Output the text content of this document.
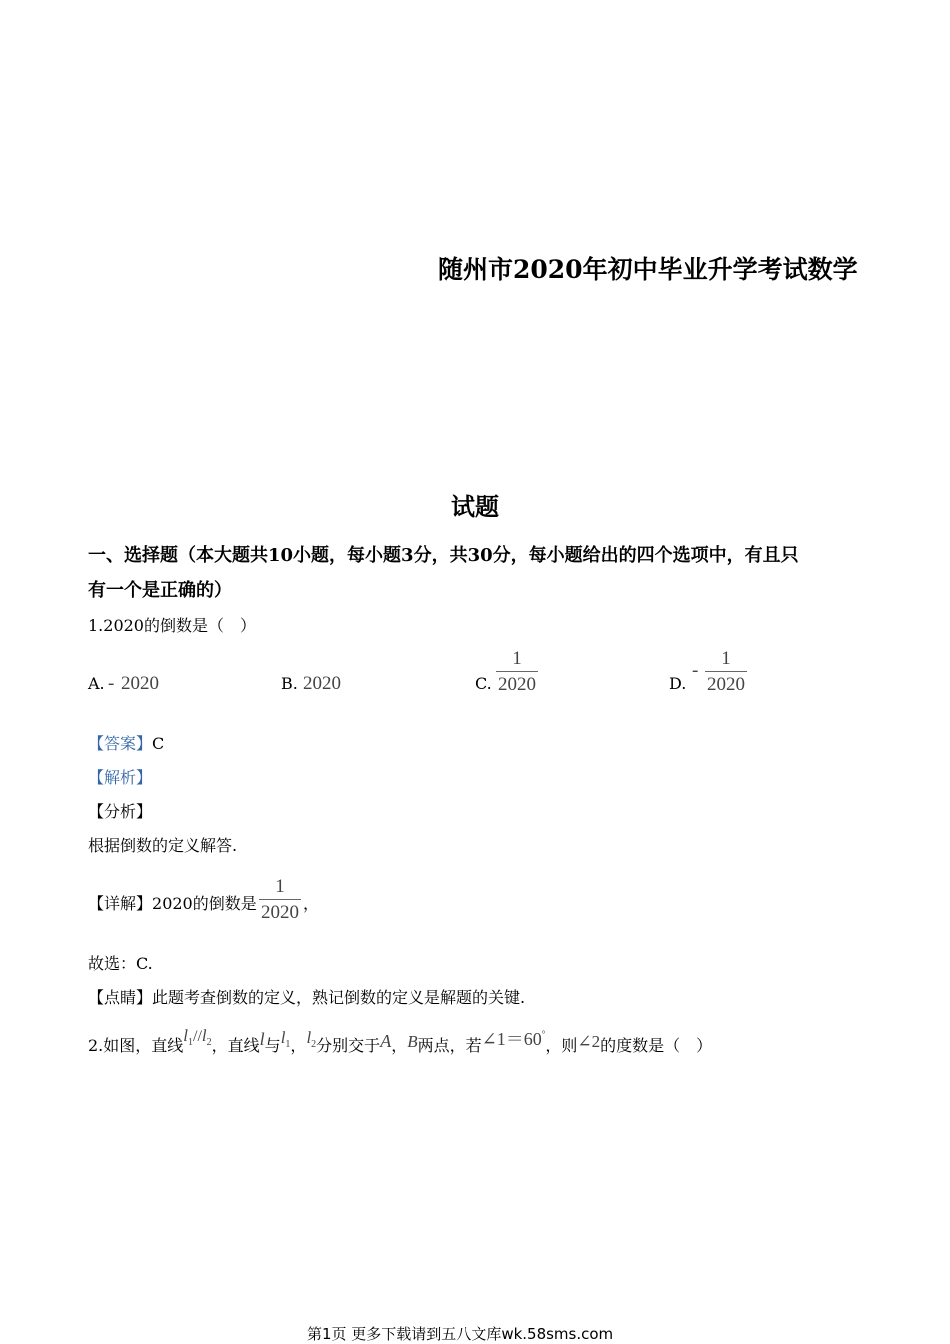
随州市2020年初中毕业升学考试数学
试题
一、选择题（本大题共10小题，每小题3分，共30分，每小题给出的四个选项中，有且只
有一个是正确的）
1.2020的倒数是（　）
A. - 2020	B. 2020	C.
1
2020	D.
-
1
2020
【答案】C
【解析】
【分析】
根据倒数的定义解答.
【详解】2020的倒数是
1
2020 ，
故选：C.
【点睛】此题考查倒数的定义，熟记倒数的定义是解题的关键.
2.如图，直线$l^1//l^2$，直线l与$l^1$，$l^2$分别交于A，B两点，若∠1＝60°，则∠2的度数是（　）
第1页 更多下载请到五八文库wk.58sms.com
